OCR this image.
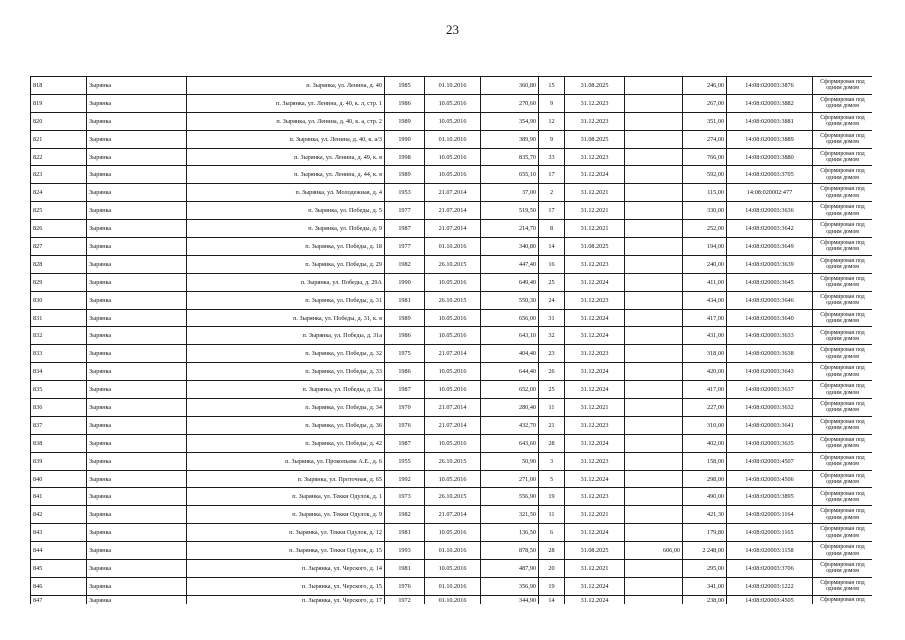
23
818	Зырянка	п. Зырянка, ул. Ленина, д. 40	1985	01.10.2016	360,80	15	31.08.2025		246,00	14:08:020003:3876	Сформирован под одним домом
819	Зырянка	п. Зырянка, ул. Ленина, д. 40, к. л, стр. 1	1986	10.05.2016	270,60	9	31.12.2023		267,00	14:08:020003:3882	Сформирован под одним домом
820	Зырянка	п. Зырянка, ул. Ленина, д. 40, к. а, стр. 2	1989	10.05.2016	354,90	12	31.12.2023		351,00	14:08:020003:3881	Сформирован под одним домом
821	Зырянка	п. Зырянка, ул. Ленина, д. 40, к. а/3	1990	01.10.2016	389,90	9	31.08.2025		274,00	14:08:020003:3889	Сформирован под одним домом
822	Зырянка	п. Зырянка, ул. Ленина, д. 49, к. в	1998	10.05.2016	835,70	33	31.12.2023		766,00	14:08:020003:3880	Сформирован под одним домом
823	Зырянка	п. Зырянка, ул. Ленина, д. 44, к. в	1989	10.05.2016	655,10	17	31.12.2024		592,00	14:08:020003:3705	Сформирован под одним домом
824	Зырянка	п. Зырянка, ул. Молодежная, д. 4	1953	21.07.2014	37,00	2	31.12.2021		115,00	14:08:020002:477	Сформирован под одним домом
825	Зырянка	п. Зырянка, ул. Победы, д. 5	1977	21.07.2014	519,50	17	31.12.2021		330,00	14:08:020003:3636	Сформирован под одним домом
826	Зырянка	п. Зырянка, ул. Победы, д. 9	1987	21.07.2014	214,70	8	31.12.2021		252,00	14:08:020003:3642	Сформирован под одним домом
827	Зырянка	п. Зырянка, ул. Победы, д. 18	1977	01.10.2016	340,80	14	31.08.2025		194,00	14:08:020003:3649	Сформирован под одним домом
828	Зырянка	п. Зырянка, ул. Победы, д. 29	1982	26.10.2015	447,40	16	31.12.2023		240,00	14:08:020003:3639	Сформирован под одним домом
829	Зырянка	п. Зырянка, ул. Победы, д. 29А	1990	10.05.2016	649,40	25	31.12.2024		411,00	14:08:020003:3645	Сформирован под одним домом
830	Зырянка	п. Зырянка, ул. Победы, д. 31	1981	26.10.2015	550,30	24	31.12.2023		434,00	14:08:020003:3646	Сформирован под одним домом
831	Зырянка	п. Зырянка, ул. Победы, д. 31, к. в	1989	10.05.2016	656,00	31	31.12.2024		417,00	14:08:020003:3640	Сформирован под одним домом
832	Зырянка	п. Зырянка, ул. Победы, д. 31а	1986	10.05.2016	643,10	32	31.12.2024		431,00	14:08:020003:3633	Сформирован под одним домом
833	Зырянка	п. Зырянка, ул. Победы, д. 32	1975	21.07.2014	404,40	23	31.12.2023		318,00	14:08:020003:3638	Сформирован под одним домом
834	Зырянка	п. Зырянка, ул. Победы, д. 33	1986	10.05.2016	644,40	26	31.12.2024		420,00	14:08:020003:3643	Сформирован под одним домом
835	Зырянка	п. Зырянка, ул. Победы, д. 33а	1987	10.05.2016	652,00	25	31.12.2024		417,00	14:08:020003:3637	Сформирован под одним домом
836	Зырянка	п. Зырянка, ул. Победы, д. 34	1970	21.07.2014	280,40	11	31.12.2021		227,00	14:08:020003:3632	Сформирован под одним домом
837	Зырянка	п. Зырянка, ул. Победы, д. 36	1976	21.07.2014	432,70	21	31.12.2023		310,00	14:08:020003:3641	Сформирован под одним домом
838	Зырянка	п. Зырянка, ул. Победы, д. 42	1987	10.05.2016	643,60	28	31.12.2024		402,00	14:08:020003:3635	Сформирован под одним домом
839	Зырянка	п. Зырянка, ул. Прокопьева А.Е., д. 6	1955	26.10.2015	50,90	3	31.12.2023		158,00	14:08:020003:4507	Сформирован под одним домом
840	Зырянка	п. Зырянка, ул. Проточная, д. 65	1992	10.05.2016	271,00	5	31.12.2024		298,00	14:08:020003:4506	Сформирован под одним домом
841	Зырянка	п. Зырянка, ул. Текки Одулок, д. 1	1973	26.10.2015	556,90	19	31.12.2023		490,00	14:08:020003:3895	Сформирован под одним домом
842	Зырянка	п. Зырянка, ул. Текки Одулок, д. 9	1982	21.07.2014	321,50	11	31.12.2021		421,30	14:08:020003:1164	Сформирован под одним домом
843	Зырянка	п. Зырянка, ул. Текки Одулок, д. 12	1981	10.05.2016	136,50	6	31.12.2024		179,80	14:08:020003:1165	Сформирован под одним домом
844	Зырянка	п. Зырянка, ул. Текки Одулок, д. 15	1993	01.10.2016	878,50	28	31.08.2025	606,00	2 248,00	14:08:020003:1158	Сформирован под одним домом
845	Зырянка	п. Зырянка, ул. Черского, д. 14	1981	10.05.2016	487,90	20	31.12.2021		295,00	14:08:020003:3706	Сформирован под одним домом
846	Зырянка	п. Зырянка, ул. Черского, д. 15	1976	01.10.2016	356,90	19	31.12.2024		341,00	14:08:020003:1222	Сформирован под одним домом
847	Зырянка	п. Зырянка, ул. Черского, д. 17	1972	01.10.2016	344,90	14	31.12.2024		238,00	14:08:020003:4505	Сформирован под
